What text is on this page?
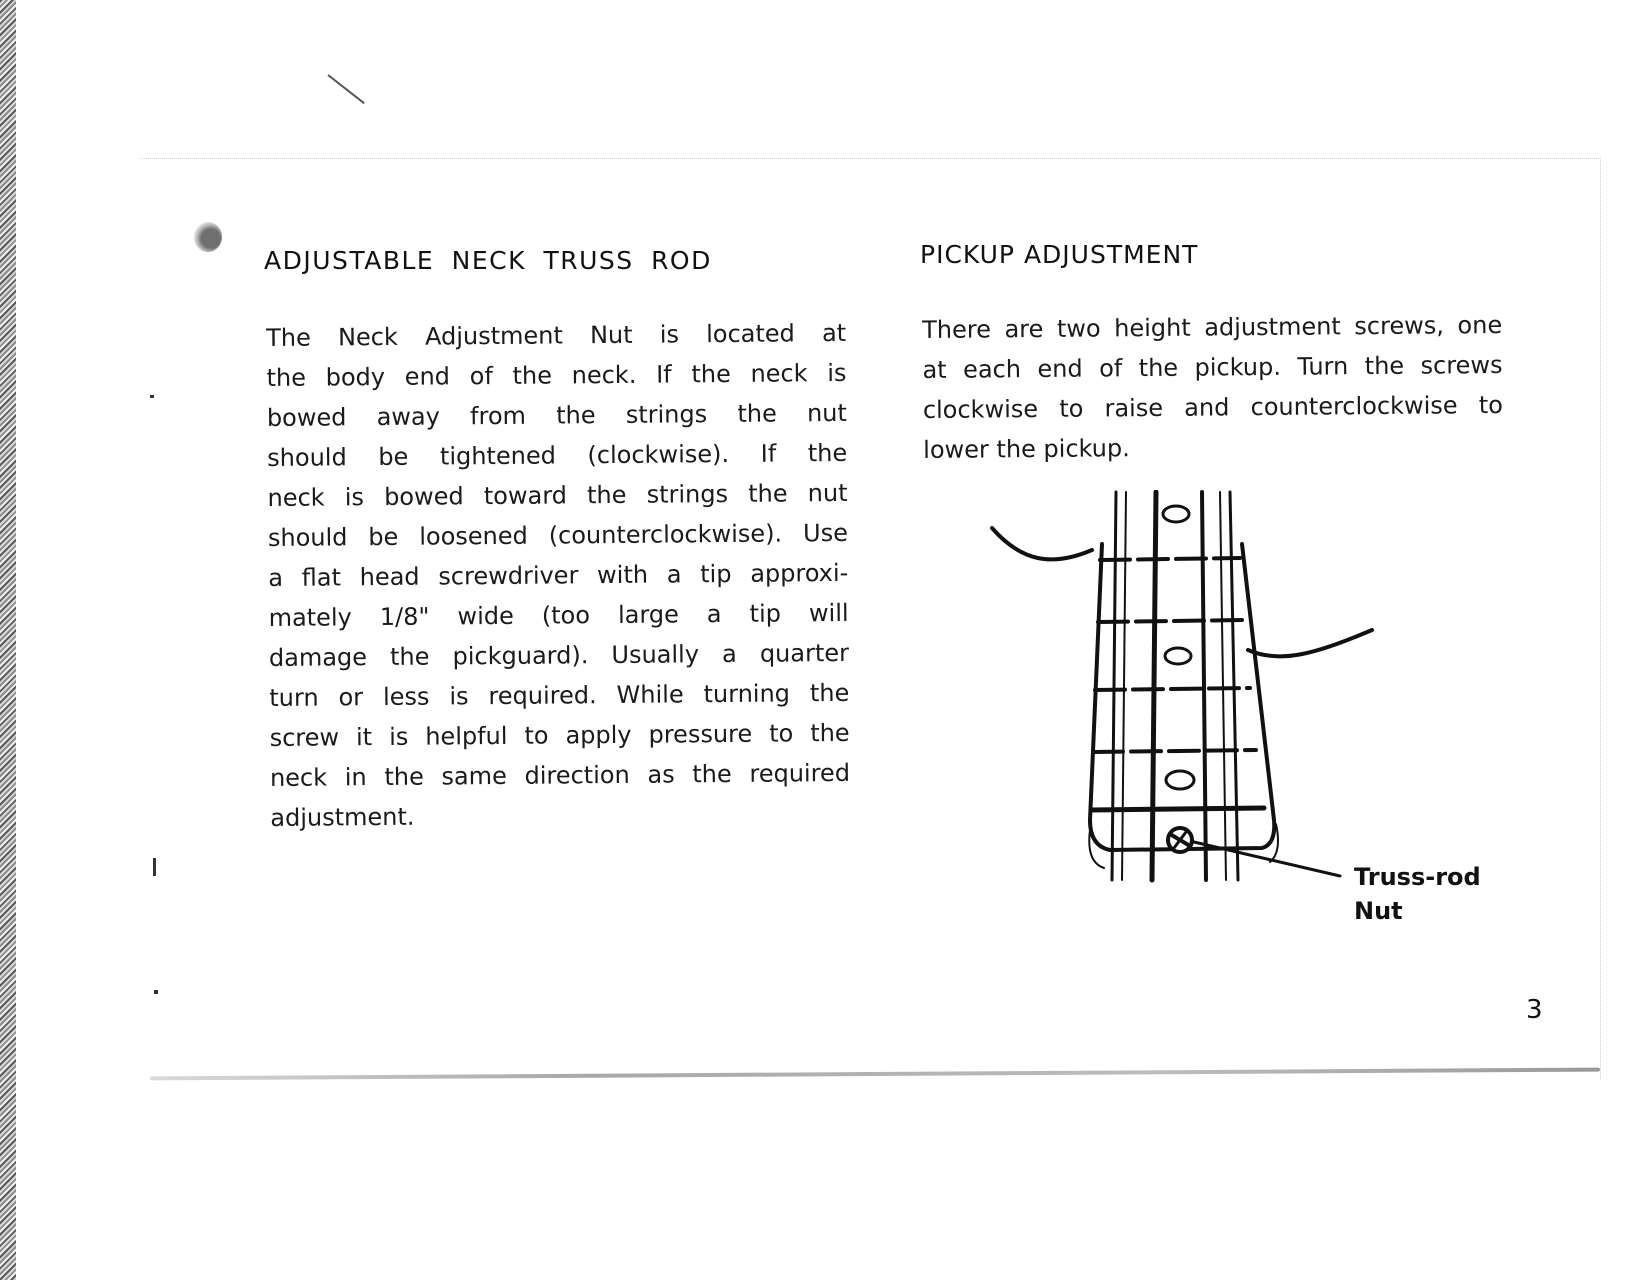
ADJUSTABLE NECK TRUSS ROD
The Neck Adjustment Nut is located at
the body end of the neck. If the neck is
bowed away from the strings the nut
should be tightened (clockwise). If the
neck is bowed toward the strings the nut
should be loosened (counterclockwise). Use
a flat head screwdriver with a tip approxi-
mately 1/8" wide (too large a tip will
damage the pickguard). Usually a quarter
turn or less is required. While turning the
screw it is helpful to apply pressure to the
neck in the same direction as the required
adjustment.
PICKUP ADJUSTMENT
There are two height adjustment screws, one
at each end of the pickup. Turn the screws
clockwise to raise and counterclockwise to
lower the pickup.
Truss-rod
Nut
3
